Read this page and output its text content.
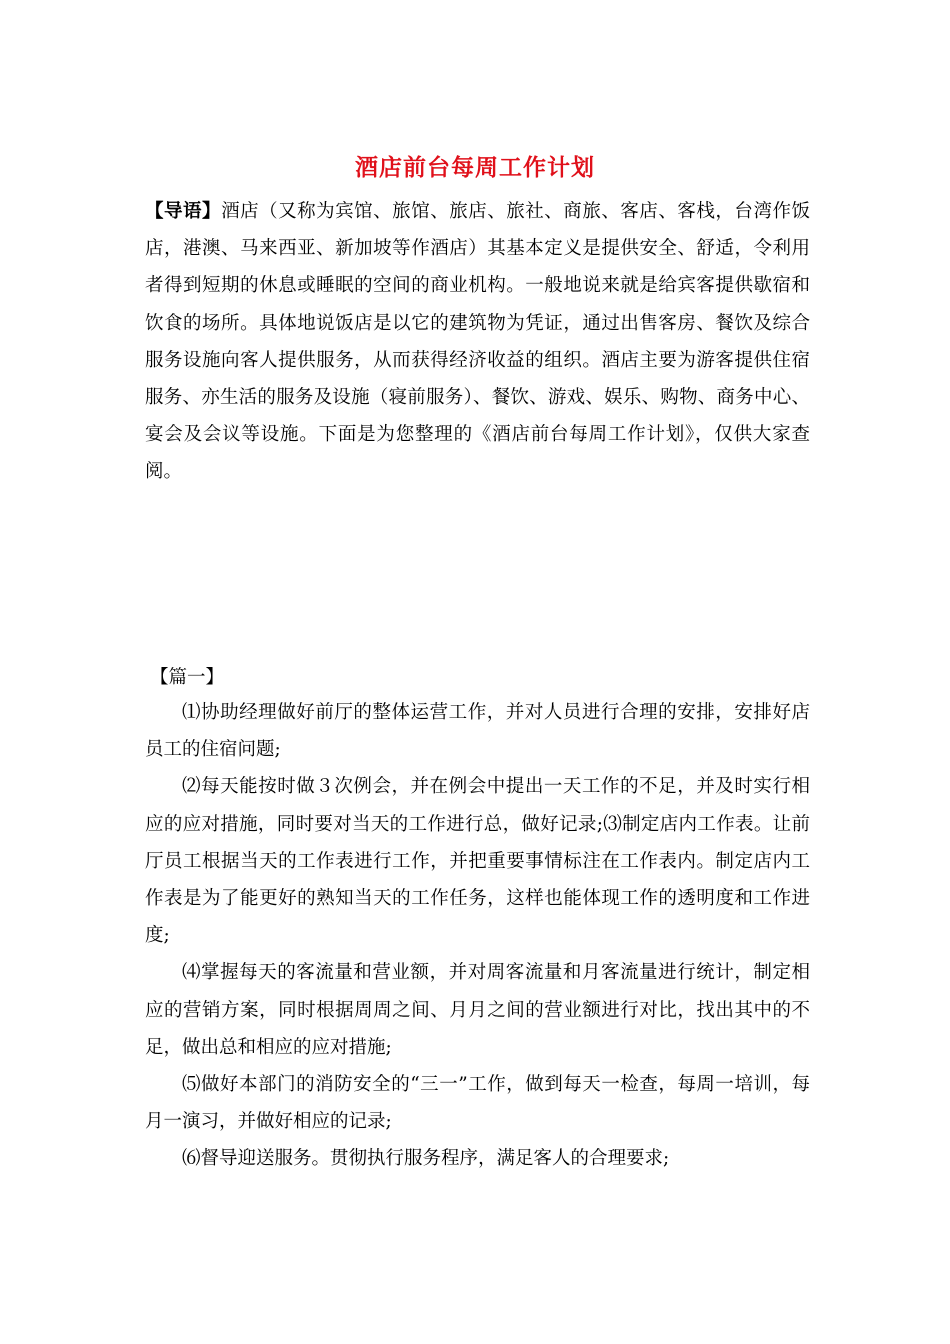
酒店前台每周工作计划

【导语】酒店（又称为宾馆、旅馆、旅店、旅社、商旅、客店、客栈，台湾作饭店，港澳、马来西亚、新加坡等作酒店）其基本定义是提供安全、舒适，令利用者得到短期的休息或睡眠的空间的商业机构。一般地说来就是给宾客提供歇宿和饮食的场所。具体地说饭店是以它的建筑物为凭证，通过出售客房、餐饮及综合服务设施向客人提供服务，从而获得经济收益的组织。酒店主要为游客提供住宿服务、亦生活的服务及设施（寝前服务）、餐饮、游戏、娱乐、购物、商务中心、宴会及会议等设施。下面是为您整理的《酒店前台每周工作计划》，仅供大家查阅。

【篇一】

⑴协助经理做好前厅的整体运营工作，并对人员进行合理的安排，安排好店员工的住宿问题;

⑵每天能按时做３次例会，并在例会中提出一天工作的不足，并及时实行相应的应对措施，同时要对当天的工作进行总，做好记录;⑶制定店内工作表。让前厅员工根据当天的工作表进行工作，并把重要事情标注在工作表内。制定店内工作表是为了能更好的熟知当天的工作任务，这样也能体现工作的透明度和工作进度;

⑷掌握每天的客流量和营业额，并对周客流量和月客流量进行统计，制定相应的营销方案，同时根据周周之间、月月之间的营业额进行对比，找出其中的不足，做出总和相应的应对措施;

⑸做好本部门的消防安全的“三一”工作，做到每天一检查，每周一培训，每月一演习，并做好相应的记录;

⑹督导迎送服务。贯彻执行服务程序，满足客人的合理要求;
